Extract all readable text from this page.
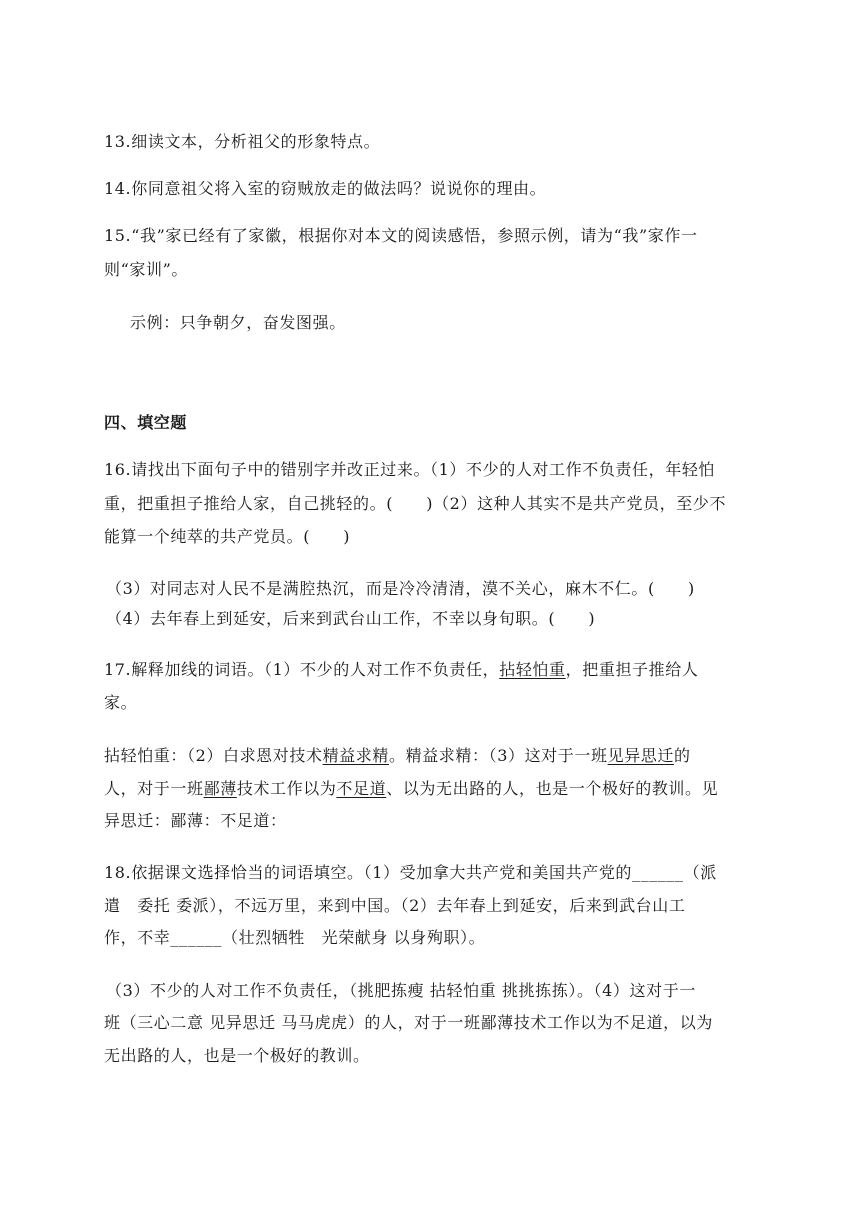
13.细读文本，分析祖父的形象特点。
14.你同意祖父将入室的窃贼放走的做法吗？说说你的理由。
15.“我”家已经有了家徽，根据你对本文的阅读感悟，参照示例，请为“我”家作一
则“家训”。
示例：只争朝夕，奋发图强。
四、填空题
16.请找出下面句子中的错别字并改正过来。（1）不少的人对工作不负责任，年轻怕
重，把重担子推给人家，自己挑轻的。(　　)（2）这种人其实不是共产党员，至少不
能算一个纯萃的共产党员。(　　)
（3）对同志对人民不是满腔热沉，而是冷冷清清，漠不关心，麻木不仁。(　　)
（4）去年春上到延安，后来到武台山工作，不幸以身旬职。(　　)
17.解释加线的词语。（1）不少的人对工作不负责任，拈轻怕重，把重担子推给人
家。
拈轻怕重：（2）白求恩对技术精益求精。精益求精：（3）这对于一班见异思迁的
人，对于一班鄙薄技术工作以为不足道、以为无出路的人，也是一个极好的教训。见
异思迁：鄙薄：不足道：
18.依据课文选择恰当的词语填空。（1）受加拿大共产党和美国共产党的______（派
遣　委托 委派），不远万里，来到中国。（2）去年春上到延安，后来到武台山工
作，不幸______（壮烈牺牲　光荣献身 以身殉职）。
（3）不少的人对工作不负责任，（挑肥拣瘦 拈轻怕重 挑挑拣拣）。（4）这对于一
班（三心二意 见异思迁 马马虎虎）的人，对于一班鄙薄技术工作以为不足道，以为
无出路的人，也是一个极好的教训。
